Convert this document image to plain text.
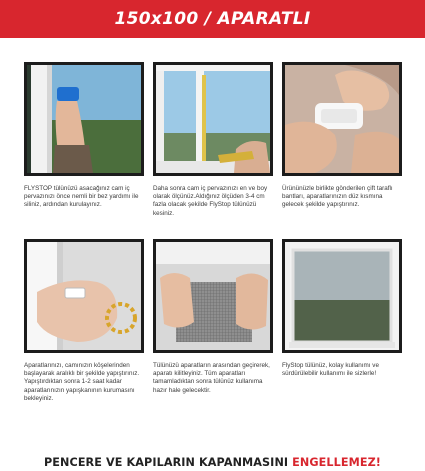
150x100 / APARATLI
FLYSTOP tülünüzü asacağınız cam iç pervazınızı önce nemli bir bez yardımı ile siliniz, ardından kurulayınız.
Daha sonra cam iç pervazınızı en ve boy olarak ölçünüz.Aldığınız ölçüden 3-4 cm fazla olacak şekilde FlyStop tülünüzü kesiniz.
Ürününüzle birlikte gönderilen çift taraflı bantları, aparatlarınızın düz kısmına gelecek şekilde yapıştırınız.
Aparatlarınızı, camınızın köşelerinden başlayarak aralıklı bir şekilde yapıştırınız. Yapıştırdıktan sonra 1-2 saat kadar aparatlarınızın yapışkanının kurumasını bekleyiniz.
Tülünüzü aparatların arasından geçirerek, aparatı kilitleyiniz. Tüm aparatları tamamladıktan sonra tülünüz kullanıma hazır hale gelecektir.
FlyStop tülünüz, kolay kullanımı ve sürdürülebilir kullanımı ile sizlerle!
PENCERE VE KAPILARIN KAPANMASINI ENGELLEMEZ!
